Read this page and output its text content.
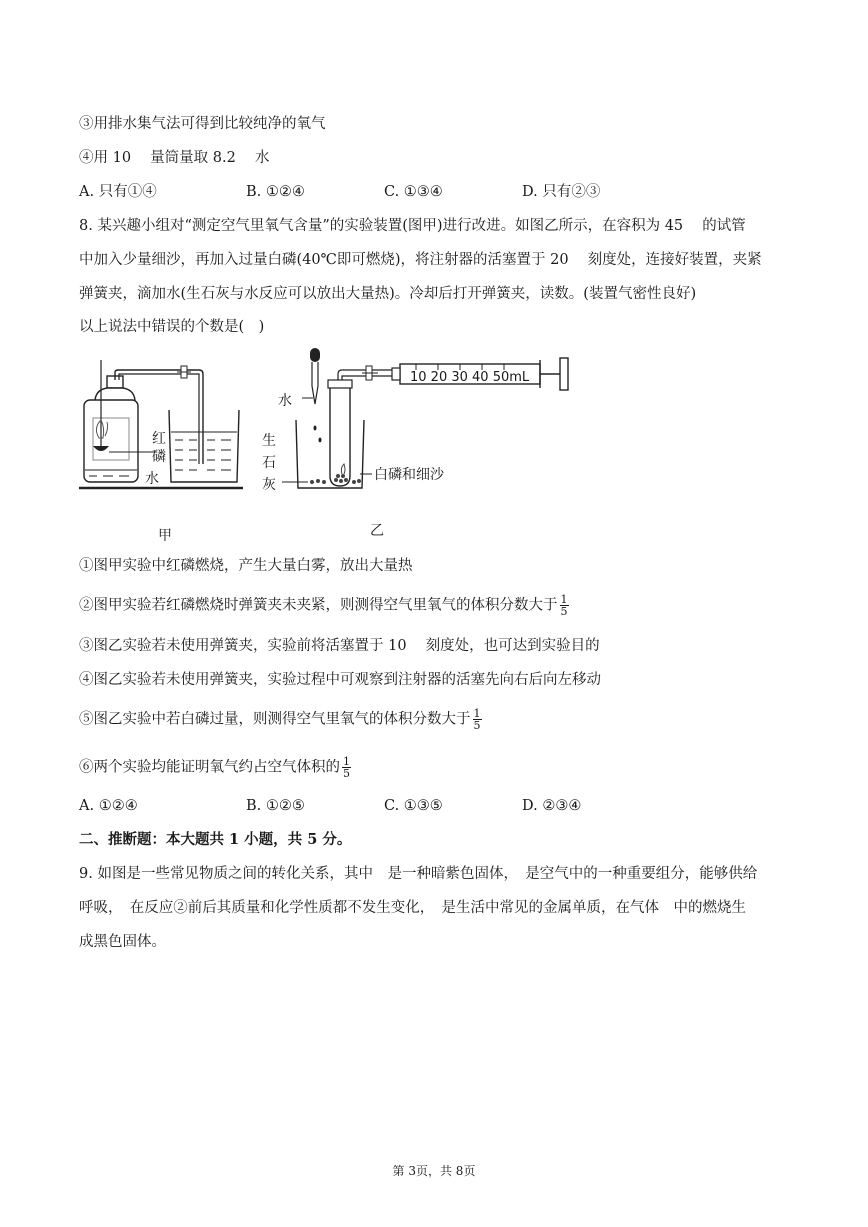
③用排水集气法可得到比较纯净的氧气
④用 10　 量筒量取 8.2　 水
A. 只有①④	B. ①②④	C. ①③④	D. 只有②③
8. 某兴趣小组对“测定空气里氧气含量”的实验装置(图甲)进行改进。如图乙所示，在容积为 45　 的试管
中加入少量细沙，再加入过量白磷(40℃即可燃烧)，将注射器的活塞置于 20　 刻度处，连接好装置，夹紧
弹簧夹，滴加水(生石灰与水反应可以放出大量热)。冷却后打开弹簧夹，读数。(装置气密性良好)
以上说法中错误的个数是(　)
红
磷
水
甲
10 20 30 40 50mL
水
生
石
灰
白磷和细沙
乙
①图甲实验中红磷燃烧，产生大量白雾，放出大量热
②图甲实验若红磷燃烧时弹簧夹未夹紧，则测得空气里氧气的体积分数大于 $\frac{1}{5}$
③图乙实验若未使用弹簧夹，实验前将活塞置于 10　 刻度处，也可达到实验目的
④图乙实验若未使用弹簧夹，实验过程中可观察到注射器的活塞先向右后向左移动
⑤图乙实验中若白磷过量，则测得空气里氧气的体积分数大于 $\frac{1}{5}$
⑥两个实验均能证明氧气约占空气体积的 $\frac{1}{5}$
A. ①②④	B. ①②⑤	C. ①③⑤	D. ②③④
二、推断题：本大题共 1 小题，共 5 分。
9. 如图是一些常见物质之间的转化关系，其中　是一种暗紫色固体，　是空气中的一种重要组分，能够供给
呼吸，　在反应②前后其质量和化学性质都不发生变化，　是生活中常见的金属单质，在气体　中的燃烧生
成黑色固体。
第 3页，共 8页
